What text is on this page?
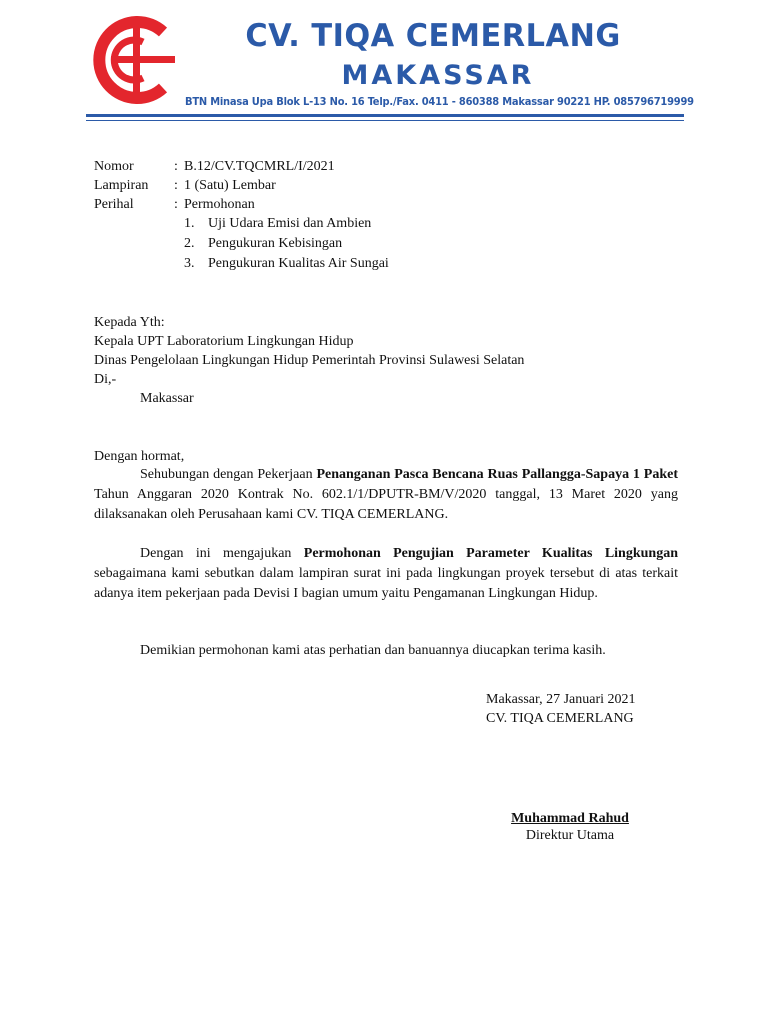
CV. TIQA CEMERLANG
MAKASSAR
BTN Minasa Upa Blok L-13 No. 16 Telp./Fax. 0411 - 860388 Makassar 90221 HP. 085796719999
Nomor	: B.12/CV.TQCMRL/I/2021
Lampiran : 1 (Satu) Lembar
Perihal	: Permohonan
1. Uji Udara Emisi dan Ambien
2. Pengukuran Kebisingan
3. Pengukuran Kualitas Air Sungai
Kepada Yth:
Kepala UPT Laboratorium Lingkungan Hidup
Dinas Pengelolaan Lingkungan Hidup Pemerintah Provinsi Sulawesi Selatan
Di,-
Makassar
Dengan hormat,
Sehubungan dengan Pekerjaan Penanganan Pasca Bencana Ruas Pallangga-Sapaya 1 Paket Tahun Anggaran 2020 Kontrak No. 602.1/1/DPUTR-BM/V/2020 tanggal, 13 Maret 2020 yang dilaksanakan oleh Perusahaan kami CV. TIQA CEMERLANG.
Dengan ini mengajukan Permohonan Pengujian Parameter Kualitas Lingkungan sebagaimana kami sebutkan dalam lampiran surat ini pada lingkungan proyek tersebut di atas terkait adanya item pekerjaan pada Devisi I bagian umum yaitu Pengamanan Lingkungan Hidup.
Demikian permohonan kami atas perhatian dan banuannya diucapkan terima kasih.
Makassar, 27 Januari 2021
CV. TIQA CEMERLANG
Muhammad Rahud
Direktur Utama
